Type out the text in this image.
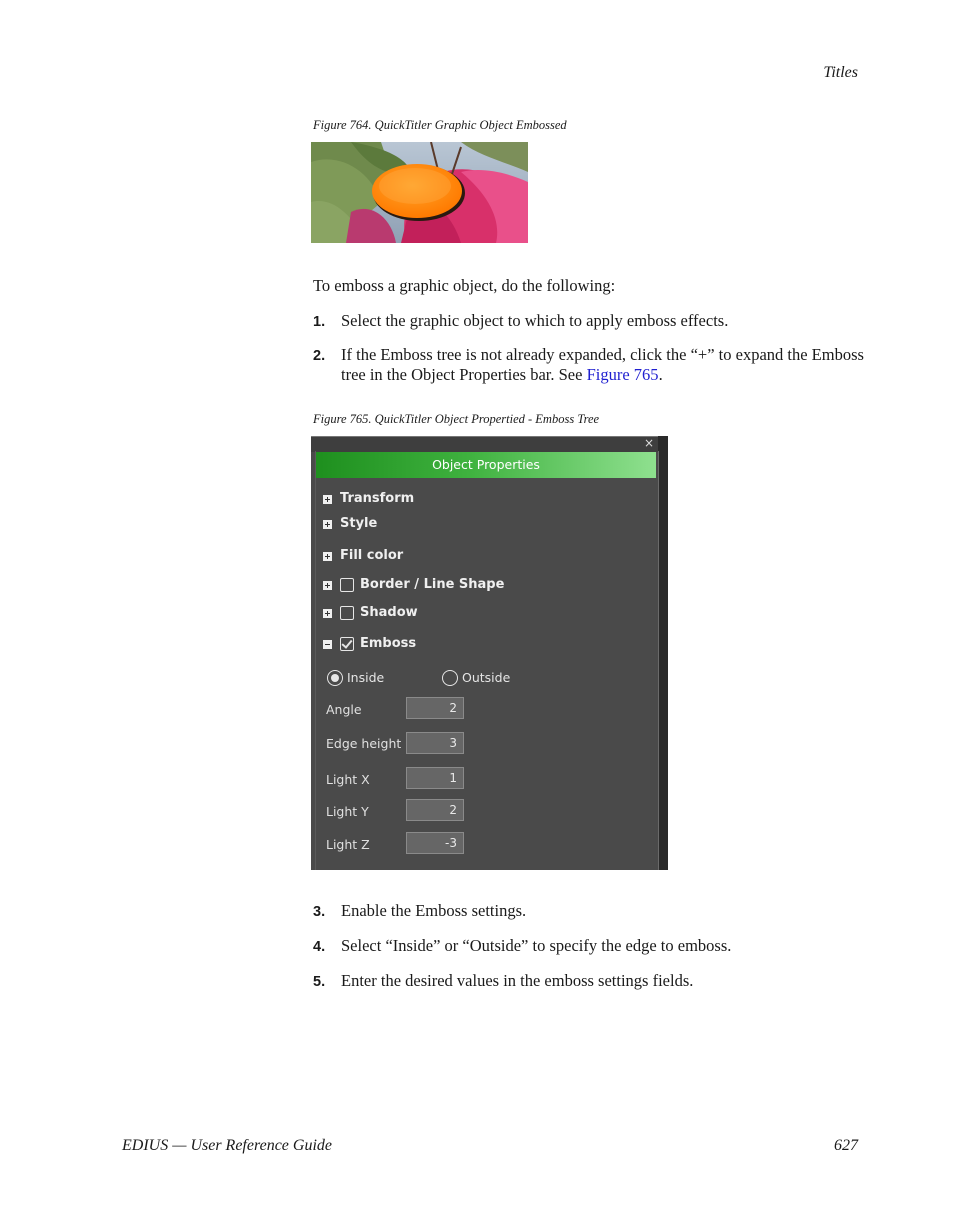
Titles
Figure 764. QuickTitler Graphic Object Embossed
To emboss a graphic object, do the following:
1. Select the graphic object to which to apply emboss effects.
2. If the Emboss tree is not already expanded, click the “+” to expand the Emboss tree in the Object Properties bar. See Figure 765.
Figure 765. QuickTitler Object Propertied - Emboss Tree
×
Object Properties
Transform
Style
Fill color
Border / Line Shape
Shadow
Emboss
Inside	Outside
Angle	2
Edge height	3
Light X	1
Light Y	2
Light Z	-3
3. Enable the Emboss settings.
4. Select “Inside” or “Outside” to specify the edge to emboss.
5. Enter the desired values in the emboss settings fields.
EDIUS — User Reference Guide	627
